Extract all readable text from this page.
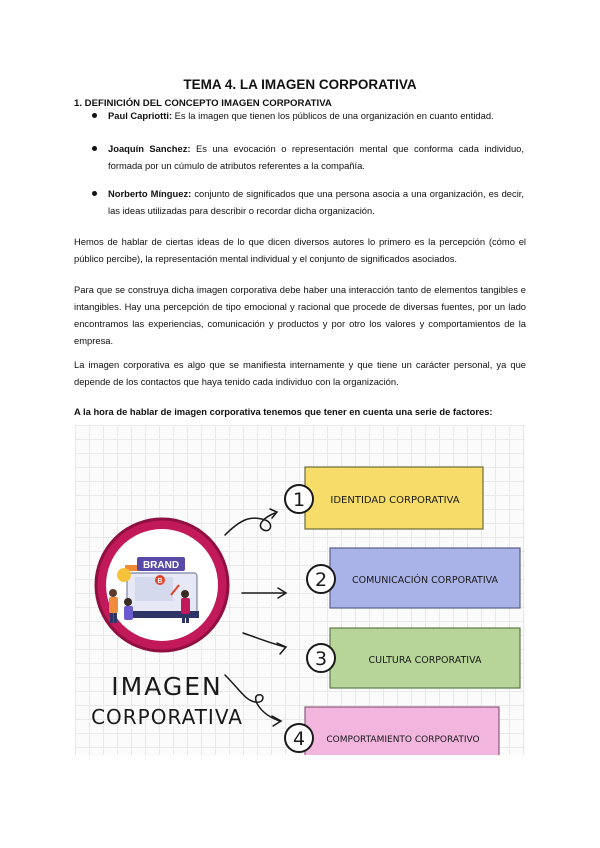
TEMA 4. LA IMAGEN CORPORATIVA
1. DEFINICIÓN DEL CONCEPTO IMAGEN CORPORATIVA
Paul Capriotti: Es la imagen que tienen los públicos de una organización en cuanto entidad.
Joaquín Sanchez: Es una evocación o representación mental que conforma cada individuo, formada por un cúmulo de atributos referentes a la compañía.
Norberto Mínguez: conjunto de significados que una persona asocia a una organización, es decir, las ideas utilizadas para describir o recordar dicha organización.
Hemos de hablar de ciertas ideas de lo que dicen diversos autores lo primero es la percepción (cómo el público percibe), la representación mental individual y el conjunto de significados asociados.
Para que se construya dicha imagen corporativa debe haber una interacción tanto de elementos tangibles e intangibles. Hay una percepción de tipo emocional y racional que procede de diversas fuentes, por un lado encontramos las experiencias, comunicación y productos y por otro los valores y comportamientos de la empresa.
La imagen corporativa es algo que se manifiesta internamente y que tiene un carácter personal, ya que depende de los contactos que haya tenido cada individuo con la organización.
A la hora de hablar de imagen corporativa tenemos que tener en cuenta una serie de factores:
B
BRAND
IMAGEN
CORPORATIVA
1	IDENTIDAD CORPORATIVA
2	COMUNICACIÓN CORPORATIVA
3	CULTURA CORPORATIVA
4 COMPORTAMIENTO CORPORATIVO
